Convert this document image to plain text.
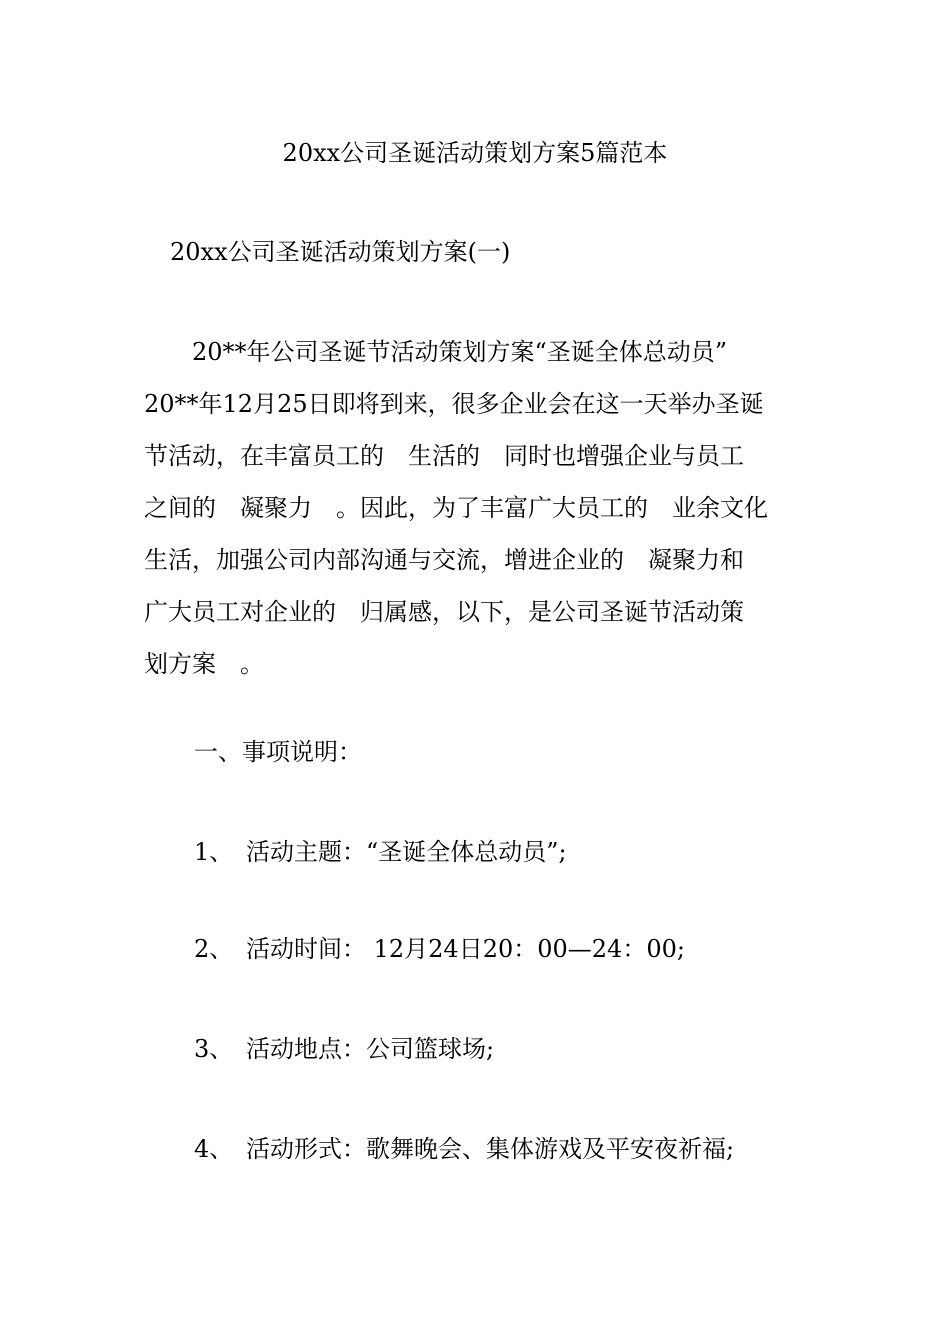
20xx公司圣诞活动策划方案5篇范本
20xx公司圣诞活动策划方案(一)
　　20**年公司圣诞节活动策划方案“圣诞全体总动员”
20**年12月25日即将到来，很多企业会在这一天举办圣诞
节活动，在丰富员工的　生活的　同时也增强企业与员工
之间的　凝聚力　。因此，为了丰富广大员工的　业余文化
生活，加强公司内部沟通与交流，增进企业的　凝聚力和
广大员工对企业的　归属感，以下，是公司圣诞节活动策
划方案　。
一、事项说明：
1、 活动主题：“圣诞全体总动员”;
2、 活动时间： 12月24日20：00—24：00;
3、 活动地点：公司篮球场;
4、 活动形式：歌舞晚会、集体游戏及平安夜祈福;
